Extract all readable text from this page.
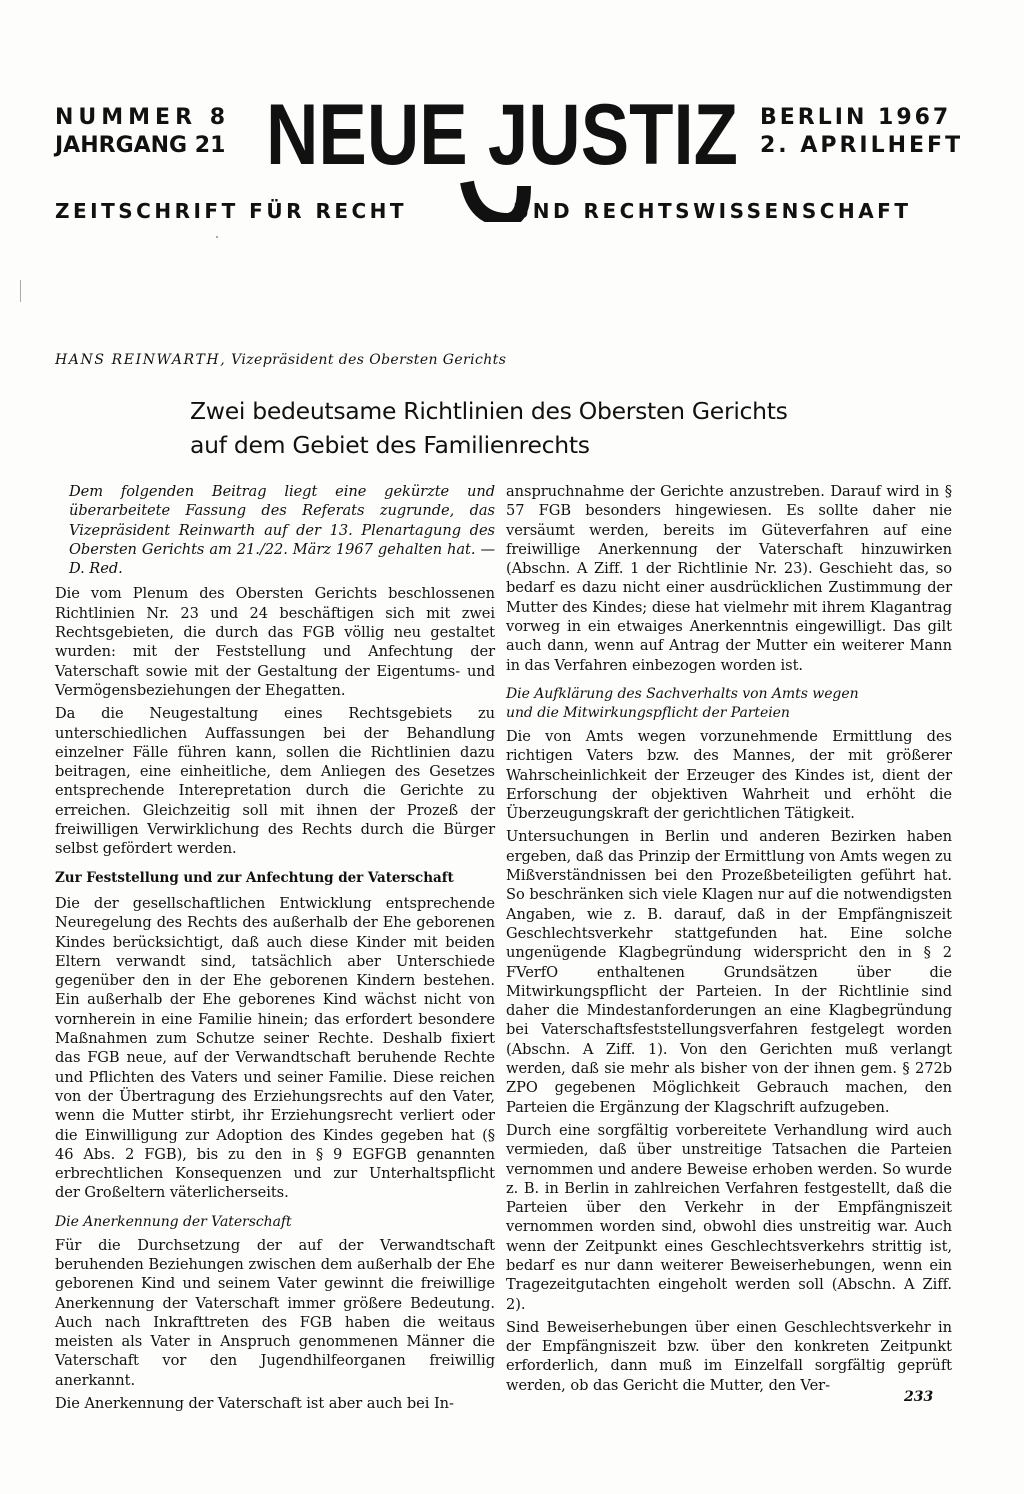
NUMMER 8
JAHRGANG 21 NEUE JUSTIZ BERLIN 1967
2. APRILHEFT
ZEITSCHRIFT FÜR RECHT	UND RECHTSWISSENSCHAFT
HANS REINWARTH, Vizepräsident des Obersten Gerichts
Zwei bedeutsame Richtlinien des Obersten Gerichts
auf dem Gebiet des Familienrechts

Dem folgenden Beitrag liegt eine gekürzte und überarbeitete Fassung des Referats zugrunde, das Vizepräsident Reinwarth auf der 13. Plenartagung des Obersten Gerichts am 21./22. März 1967 gehalten hat. — D. Red.

Die vom Plenum des Obersten Gerichts beschlossenen Richtlinien Nr. 23 und 24 beschäftigen sich mit zwei Rechtsgebieten, die durch das FGB völlig neu gestaltet wurden: mit der Feststellung und Anfechtung der Vaterschaft sowie mit der Gestaltung der Eigentums- und Vermögensbeziehungen der Ehegatten.

Da die Neugestaltung eines Rechtsgebiets zu unterschiedlichen Auffassungen bei der Behandlung einzelner Fälle führen kann, sollen die Richtlinien dazu beitragen, eine einheitliche, dem Anliegen des Gesetzes entsprechende Interepretation durch die Gerichte zu erreichen. Gleichzeitig soll mit ihnen der Prozeß der freiwilligen Verwirklichung des Rechts durch die Bürger selbst gefördert werden.

Zur Feststellung und zur Anfechtung der Vaterschaft

Die der gesellschaftlichen Entwicklung entsprechende Neuregelung des Rechts des außerhalb der Ehe geborenen Kindes berücksichtigt, daß auch diese Kinder mit beiden Eltern verwandt sind, tatsächlich aber Unterschiede gegenüber den in der Ehe geborenen Kindern bestehen. Ein außerhalb der Ehe geborenes Kind wächst nicht von vornherein in eine Familie hinein; das erfordert besondere Maßnahmen zum Schutze seiner Rechte. Deshalb fixiert das FGB neue, auf der Verwandtschaft beruhende Rechte und Pflichten des Vaters und seiner Familie. Diese reichen von der Übertragung des Erziehungsrechts auf den Vater, wenn die Mutter stirbt, ihr Erziehungsrecht verliert oder die Einwilligung zur Adoption des Kindes gegeben hat (§ 46 Abs. 2 FGB), bis zu den in § 9 EGFGB genannten erbrechtlichen Konsequenzen und zur Unterhaltspflicht der Großeltern väterlicherseits.

Die Anerkennung der Vaterschaft

Für die Durchsetzung der auf der Verwandtschaft beruhenden Beziehungen zwischen dem außerhalb der Ehe geborenen Kind und seinem Vater gewinnt die freiwillige Anerkennung der Vaterschaft immer größere Bedeutung. Auch nach Inkrafttreten des FGB haben die weitaus meisten als Vater in Anspruch genommenen Männer die Vaterschaft vor den Jugendhilfeorganen freiwillig anerkannt.

Die Anerkennung der Vaterschaft ist aber auch bei In-

anspruchnahme der Gerichte anzustreben. Darauf wird in § 57 FGB besonders hingewiesen. Es sollte daher nie versäumt werden, bereits im Güteverfahren auf eine freiwillige Anerkennung der Vaterschaft hinzuwirken (Abschn. A Ziff. 1 der Richtlinie Nr. 23). Geschieht das, so bedarf es dazu nicht einer ausdrücklichen Zustimmung der Mutter des Kindes; diese hat vielmehr mit ihrem Klagantrag vorweg in ein etwaiges Anerkenntnis eingewilligt. Das gilt auch dann, wenn auf Antrag der Mutter ein weiterer Mann in das Verfahren einbezogen worden ist.

Die Aufklärung des Sachverhalts von Amts wegen
und die Mitwirkungspflicht der Parteien

Die von Amts wegen vorzunehmende Ermittlung des richtigen Vaters bzw. des Mannes, der mit größerer Wahrscheinlichkeit der Erzeuger des Kindes ist, dient der Erforschung der objektiven Wahrheit und erhöht die Überzeugungskraft der gerichtlichen Tätigkeit.

Untersuchungen in Berlin und anderen Bezirken haben ergeben, daß das Prinzip der Ermittlung von Amts wegen zu Mißverständnissen bei den Prozeßbeteiligten geführt hat. So beschränken sich viele Klagen nur auf die notwendigsten Angaben, wie z. B. darauf, daß in der Empfängniszeit Geschlechtsverkehr stattgefunden hat. Eine solche ungenügende Klagbegründung widerspricht den in § 2 FVerfO enthaltenen Grundsätzen über die Mitwirkungspflicht der Parteien. In der Richtlinie sind daher die Mindestanforderungen an eine Klagbegründung bei Vaterschaftsfeststellungsverfahren festgelegt worden (Abschn. A Ziff. 1). Von den Gerichten muß verlangt werden, daß sie mehr als bisher von der ihnen gem. § 272b ZPO gegebenen Möglichkeit Gebrauch machen, den Parteien die Ergänzung der Klagschrift aufzugeben.

Durch eine sorgfältig vorbereitete Verhandlung wird auch vermieden, daß über unstreitige Tatsachen die Parteien vernommen und andere Beweise erhoben werden. So wurde z. B. in Berlin in zahlreichen Verfahren festgestellt, daß die Parteien über den Verkehr in der Empfängniszeit vernommen worden sind, obwohl dies unstreitig war. Auch wenn der Zeitpunkt eines Geschlechtsverkehrs strittig ist, bedarf es nur dann weiterer Beweiserhebungen, wenn ein Tragezeitgutachten eingeholt werden soll (Abschn. A Ziff. 2).

Sind Beweiserhebungen über einen Geschlechtsverkehr in der Empfängniszeit bzw. über den konkreten Zeitpunkt erforderlich, dann muß im Einzelfall sorgfältig geprüft werden, ob das Gericht die Mutter, den Ver-

233
